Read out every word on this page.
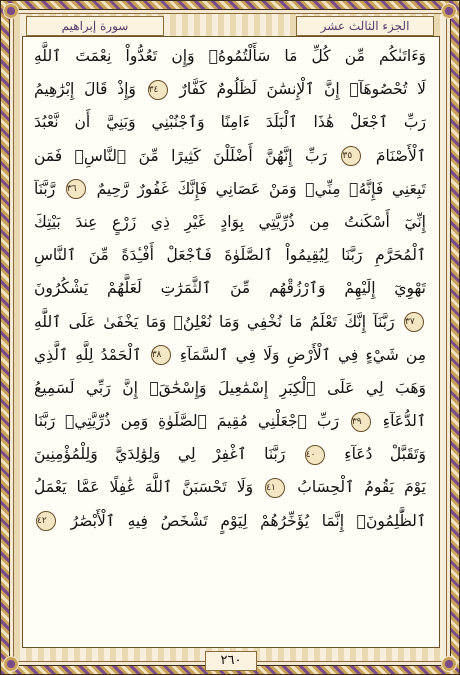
سورة إبراهيم	الجزء الثالث عشر
وَءَاتَىٰكُم مِّن كُلِّ مَا سَأَلْتُمُوهُۚ وَإِن تَعُدُّواْ نِعْمَتَ ٱللَّهِ
لَا تُحْصُوهَآۗ إِنَّ ٱلْإِنسَٰنَ لَظَلُومٌ كَفَّارٌ ٣٤ وَإِذْ قَالَ إِبْرَٰهِيمُ
رَبِّ ٱجْعَلْ هَٰذَا ٱلْبَلَدَ ءَامِنًا وَٱجْنُبْنِي وَبَنِيَّ أَن نَّعْبُدَ
ٱلْأَصْنَامَ ٣٥ رَبِّ إِنَّهُنَّ أَضْلَلْنَ كَثِيرًا مِّنَ ٱلنَّاسِۖ فَمَن
تَبِعَنِي فَإِنَّهُۥ مِنِّيۖ وَمَنْ عَصَانِي فَإِنَّكَ غَفُورٌ رَّحِيمٌ ٣٦ رَّبَّنَآ
إِنِّيٓ أَسْكَنتُ مِن ذُرِّيَّتِي بِوَادٍ غَيْرِ ذِي زَرْعٍ عِندَ بَيْتِكَ
ٱلْمُحَرَّمِ رَبَّنَا لِيُقِيمُواْ ٱلصَّلَوٰةَ فَٱجْعَلْ أَفْـِٔدَةً مِّنَ ٱلنَّاسِ
تَهْوِيٓ إِلَيْهِمْ وَٱرْزُقْهُم مِّنَ ٱلثَّمَرَٰتِ لَعَلَّهُمْ يَشْكُرُونَ
٣٧ رَبَّنَآ إِنَّكَ تَعْلَمُ مَا نُخْفِي وَمَا نُعْلِنُۗ وَمَا يَخْفَىٰ عَلَى ٱللَّهِ
مِن شَيْءٍ فِي ٱلْأَرْضِ وَلَا فِي ٱلسَّمَآءِ ٣٨ ٱلْحَمْدُ لِلَّهِ ٱلَّذِي
وَهَبَ لِي عَلَى ٱلْكِبَرِ إِسْمَٰعِيلَ وَإِسْحَٰقَۚ إِنَّ رَبِّي لَسَمِيعُ
ٱلدُّعَآءِ ٣٩ رَبِّ ٱجْعَلْنِي مُقِيمَ ٱلصَّلَوٰةِ وَمِن ذُرِّيَّتِيۚ رَبَّنَا
وَتَقَبَّلْ دُعَآءِ ٤٠ رَبَّنَا ٱغْفِرْ لِي وَلِوَٰلِدَيَّ وَلِلْمُؤْمِنِينَ
يَوْمَ يَقُومُ ٱلْحِسَابُ ٤١ وَلَا تَحْسَبَنَّ ٱللَّهَ غَٰفِلًا عَمَّا يَعْمَلُ
ٱلظَّٰلِمُونَۚ إِنَّمَا يُؤَخِّرُهُمْ لِيَوْمٍ تَشْخَصُ فِيهِ ٱلْأَبْصَٰرُ ٤٢
٢٦٠
